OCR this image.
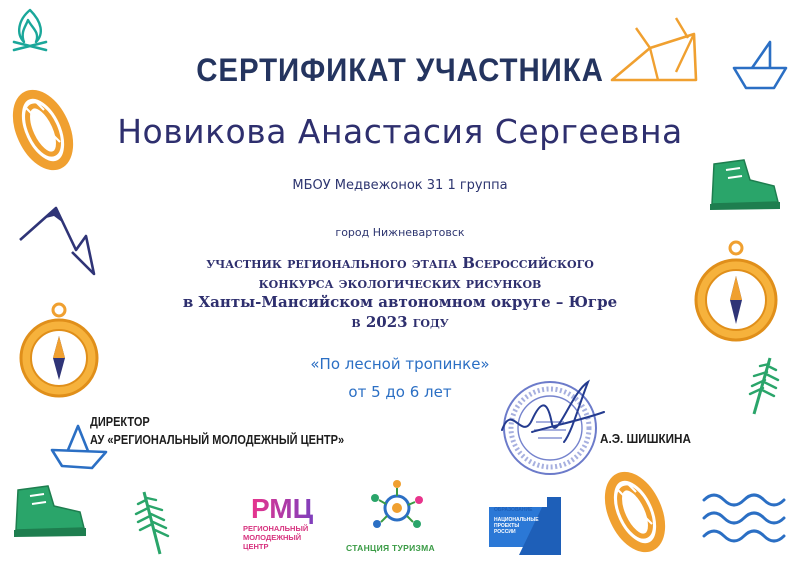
СЕРТИФИКАТ УЧАСТНИКА
Новикова Анастасия Сергеевна
МБОУ Медвежонок 31 1 группа
город Нижневартовск
участник регионального этапа Всероссийского
конкурса экологических рисунков
в Ханты-Мансийском автономном округе – Югре
в 2023 году
«По лесной тропинке»
от 5 до 6 лет
ДИРЕКТОР
АУ «РЕГИОНАЛЬНЫЙ МОЛОДЕЖНЫЙ ЦЕНТР»	А.Э. ШИШКИНА
РМЦ
РЕГИОНАЛЬНЫЙ
МОЛОДЕЖНЫЙ
ЦЕНТР	СТАНЦИЯ ТУРИЗМА
ОБРАЗОВАНИЕ
НАЦИОНАЛЬНЫЕ
ПРОЕКТЫ
РОССИИ
